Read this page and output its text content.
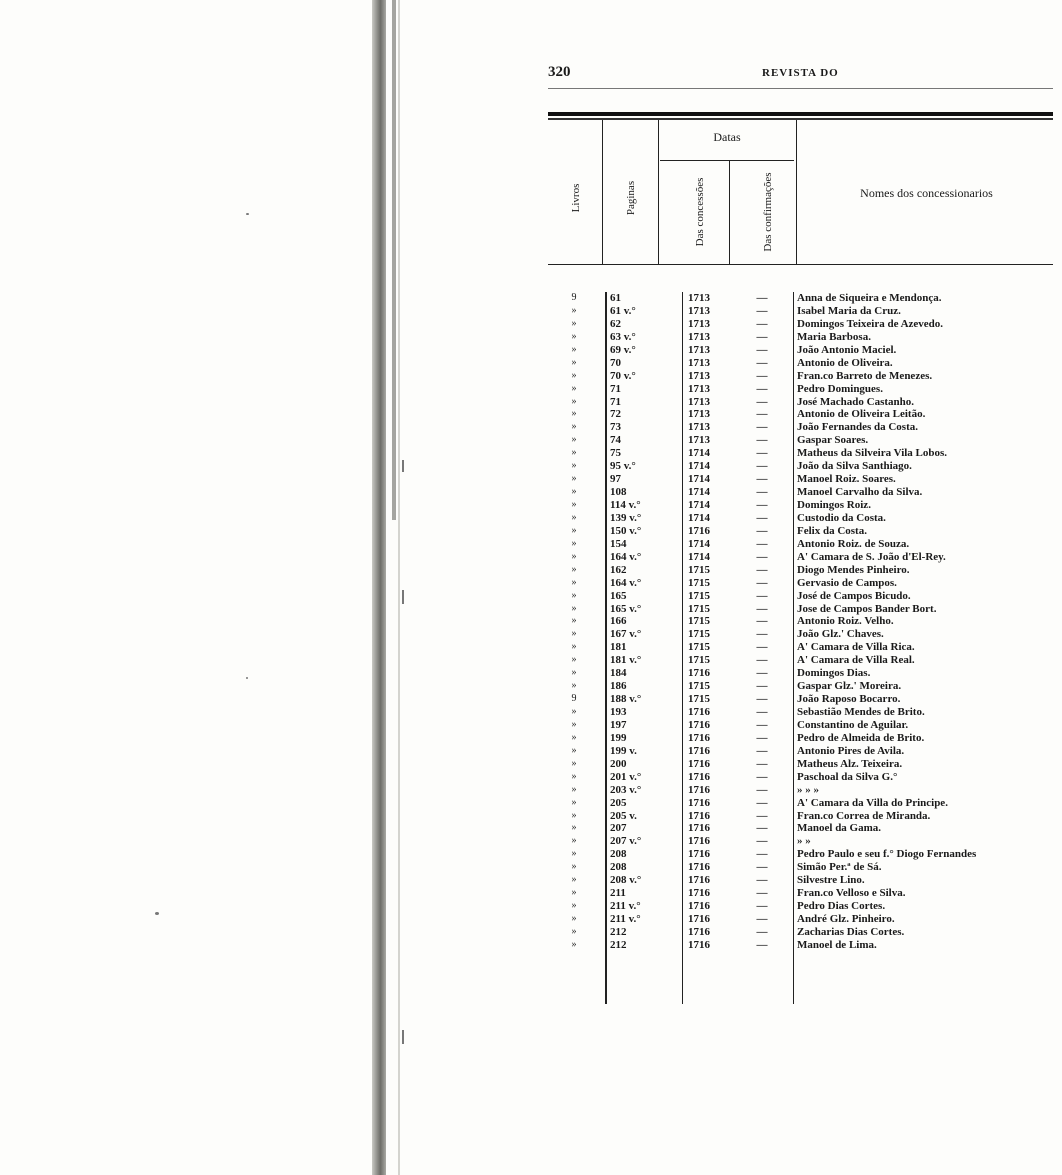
320	REVISTA DO
Livros	Paginas
Datas
Das concessões	Das confirmações	Nomes dos concessionarios
9	61	1713	—	Anna de Siqueira e Mendonça.
»	61 v.°	1713	—	Isabel Maria da Cruz.
»	62	1713	—	Domingos Teixeira de Azevedo.
»	63 v.°	1713	—	Maria Barbosa.
»	69 v.°	1713	—	João Antonio Maciel.
»	70	1713	—	Antonio de Oliveira.
»	70 v.°	1713	—	Fran.co Barreto de Menezes.
»	71	1713	—	Pedro Domingues.
»	71	1713	—	José Machado Castanho.
»	72	1713	—	Antonio de Oliveira Leitão.
»	73	1713	—	João Fernandes da Costa.
»	74	1713	—	Gaspar Soares.
»	75	1714	—	Matheus da Silveira Vila Lobos.
»	95 v.°	1714	—	João da Silva Santhiago.
»	97	1714	—	Manoel Roiz. Soares.
»	108	1714	—	Manoel Carvalho da Silva.
»	114 v.°	1714	—	Domingos Roiz.
»	139 v.°	1714	—	Custodio da Costa.
»	150 v.°	1716	—	Felix da Costa.
»	154	1714	—	Antonio Roiz. de Souza.
»	164 v.°	1714	—	A' Camara de S. João d'El-Rey.
»	162	1715	—	Diogo Mendes Pinheiro.
»	164 v.°	1715	—	Gervasio de Campos.
»	165	1715	—	José de Campos Bicudo.
»	165 v.°	1715	—	Jose de Campos Bander Bort.
»	166	1715	—	Antonio Roiz. Velho.
»	167 v.°	1715	—	João Glz.' Chaves.
»	181	1715	—	A' Camara de Villa Rica.
»	181 v.°	1715	—	A' Camara de Villa Real.
»	184	1716	—	Domingos Dias.
»	186	1715	—	Gaspar Glz.' Moreira.
9	188 v.°	1715	—	João Raposo Bocarro.
»	193	1716	—	Sebastião Mendes de Brito.
»	197	1716	—	Constantino de Aguilar.
»	199	1716	—	Pedro de Almeida de Brito.
»	199 v.	1716	—	Antonio Pires de Avila.
»	200	1716	—	Matheus Alz. Teixeira.
»	201 v.°	1716	—	Paschoal da Silva G.°
»	203 v.°	1716	—	» » »
»	205	1716	—	A' Camara da Villa do Principe.
»	205 v.	1716	—	Fran.co Correa de Miranda.
»	207	1716	—	Manoel da Gama.
»	207 v.°	1716	—	» »
»	208	1716	—	Pedro Paulo e seu f.° Diogo Fernandes
»	208	1716	—	Simão Per.ª de Sá.
»	208 v.°	1716	—	Silvestre Lino.
»	211	1716	—	Fran.co Velloso e Silva.
»	211 v.°	1716	—	Pedro Dias Cortes.
»	211 v.°	1716	—	André Glz. Pinheiro.
»	212	1716	—	Zacharias Dias Cortes.
»	212	1716	—	Manoel de Lima.
